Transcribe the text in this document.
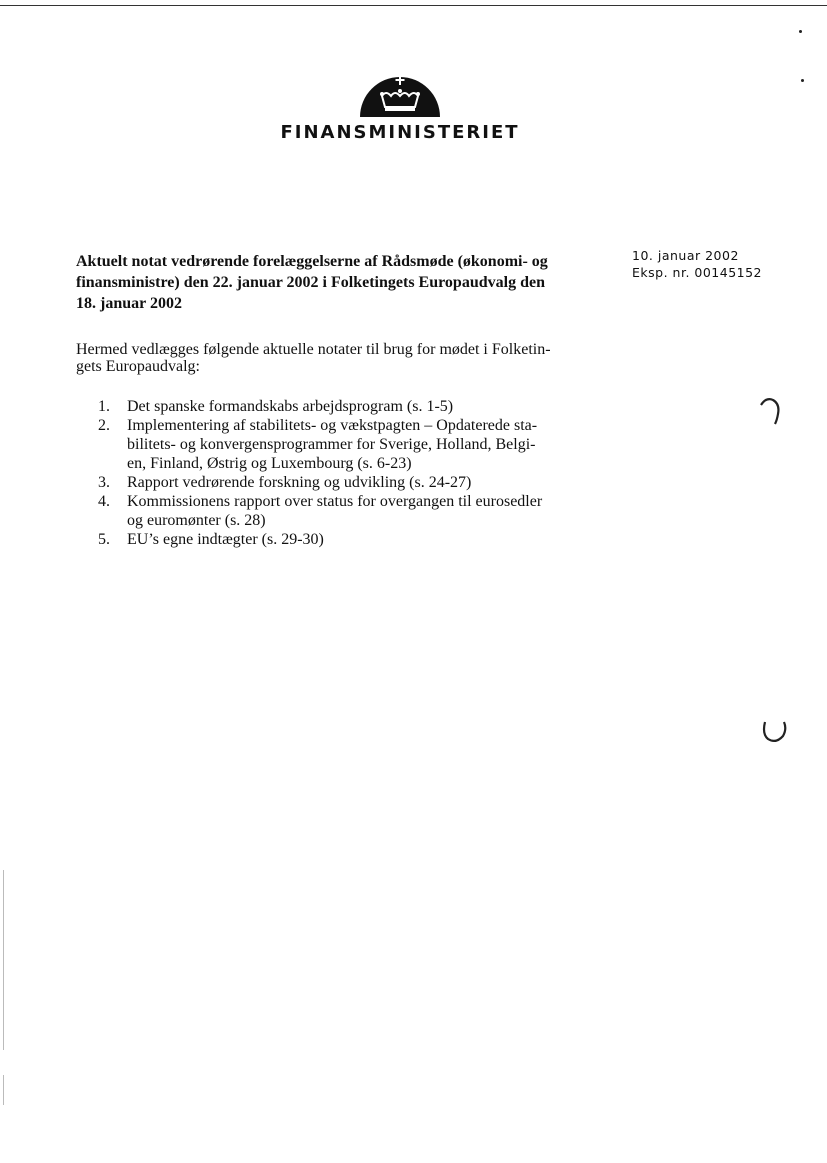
FINANSMINISTERIET
10. januar 2002
Eksp. nr. 00145152
Aktuelt notat vedrørende forelæggelserne af Rådsmøde (økonomi- og
finansministre) den 22. januar 2002 i Folketingets Europaudvalg den
18. januar 2002
Hermed vedlægges følgende aktuelle notater til brug for mødet i Folketin-
gets Europaudvalg:
1. Det spanske formandskabs arbejdsprogram (s. 1-5)
2. Implementering af stabilitets- og vækstpagten – Opdaterede sta-
bilitets- og konvergensprogrammer for Sverige, Holland, Belgi-
en, Finland, Østrig og Luxembourg (s. 6-23)
3. Rapport vedrørende forskning og udvikling (s. 24-27)
4. Kommissionens rapport over status for overgangen til eurosedler
og euromønter (s. 28)
5. EU’s egne indtægter (s. 29-30)
